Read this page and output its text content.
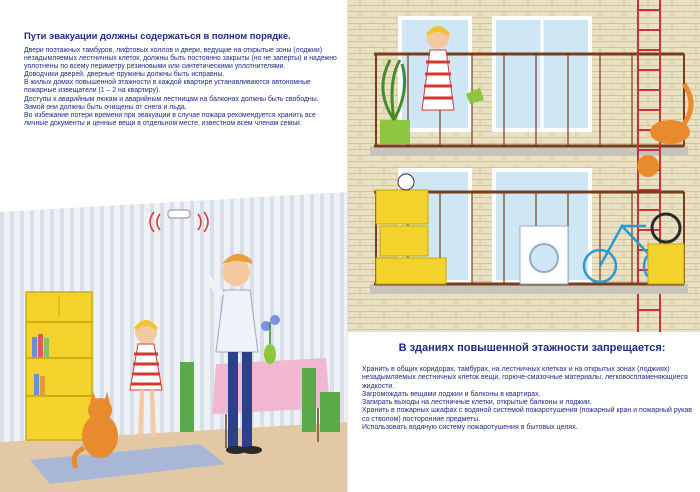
Пути эвакуации должны содержаться в полном порядке.

Двери поэтажных тамбуров, лифтовых холлов и двери, ведущие на открытые зоны (лоджии) незадымляемых лестничных клеток, должны быть постоянно закрыты (но не заперты) и надежно уплотнены по всему периметру резиновыми или синтетическими уплотнителями.

Доводчики дверей, дверные пружины должны быть исправны.

В жилых домах повышенной этажности в каждой квартире устанавливаются автономные пожарные извещатели (1 – 2 на квартиру).

Доступы к аварийным люкам и аварийным лестницам на балконах должны быть свободны. Зимой они должны быть очищены от снега и льда.

Во избежание потери времени при эвакуации в случае пожара рекомендуется хранить все личные документы и ценные вещи в отдельном месте, известном всем членам семьи.

В зданиях повышенной этажности запрещается:

Хранить в общих коридорах, тамбурах, на лестничных клетках и на открытых зонах (лоджиях) незадымляемых лестничных клеток вещи, горюче-смазочные материалы, легковоспламеняющиеся жидкости.

Загромождать вещами лоджии и балконы в квартирах.

Запирать выходы на лестничные клетки, открытые балконы и лоджии.

Хранить в пожарных шкафах с водяной системой пожаротушения (пожарный кран и пожарный рукав со стволом) посторонние предметы.

Использовать водяную систему пожаротушения в бытовых целях.
